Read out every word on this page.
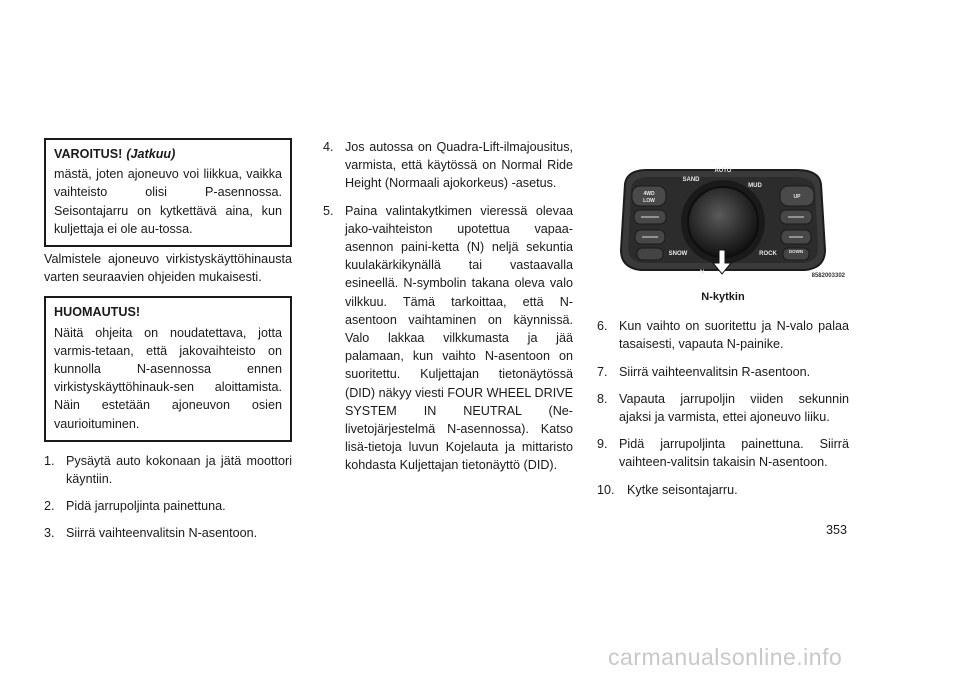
VAROITUS! (Jatkuu)

mästä, joten ajoneuvo voi liikkua, vaikka vaihteisto olisi P-asennossa. Seisontajarru on kytkettävä aina, kun kuljettaja ei ole au-tossa.

Valmistele ajoneuvo virkistyskäyttöhinausta varten seuraavien ohjeiden mukaisesti.

HUOMAUTUS!

Näitä ohjeita on noudatettava, jotta varmis-tetaan, että jakovaihteisto on kunnolla N-asennossa ennen virkistyskäyttöhinauk-sen aloittamista. Näin estetään ajoneuvon osien vaurioituminen.

1. Pysäytä auto kokonaan ja jätä moottori käyntiin.
2. Pidä jarrupoljinta painettuna.
3. Siirrä vaihteenvalitsin N-asentoon.
4. Jos autossa on Quadra-Lift-ilmajousitus, varmista, että käytössä on Normal Ride Height (Normaali ajokorkeus) -asetus.
5. Paina valintakytkimen vieressä olevaa jako-vaihteiston upotettua vapaa-asennon paini-ketta (N) neljä sekuntia kuulakärkikynällä tai vastaavalla esineellä. N-symbolin takana oleva valo vilkkuu. Tämä tarkoittaa, että N-asentoon vaihtaminen on käynnissä. Valo lakkaa vilkkumasta ja jää palamaan, kun vaihto N-asentoon on suoritettu. Kuljettajan tietonäytössä (DID) näkyy viesti FOUR WHEEL DRIVE SYSTEM IN NEUTRAL (Ne-livetojärjestelmä N-asennossa). Katso lisä-tietoja luvun Kojelauta ja mittaristo kohdasta Kuljettajan tietonäyttö (DID).
AUTO
SAND
MUD
SNOW	ROCK
4WD
LOW
UP
DOWN
N	8582003302
N-kytkin
6. Kun vaihto on suoritettu ja N-valo palaa tasaisesti, vapauta N-painike.
7. Siirrä vaihteenvalitsin R-asentoon.
8. Vapauta jarrupoljin viiden sekunnin ajaksi ja varmista, ettei ajoneuvo liiku.
9. Pidä jarrupoljinta painettuna. Siirrä vaihteen-valitsin takaisin N-asentoon.
10. Kytke seisontajarru.
353
carmanualsonline.info
